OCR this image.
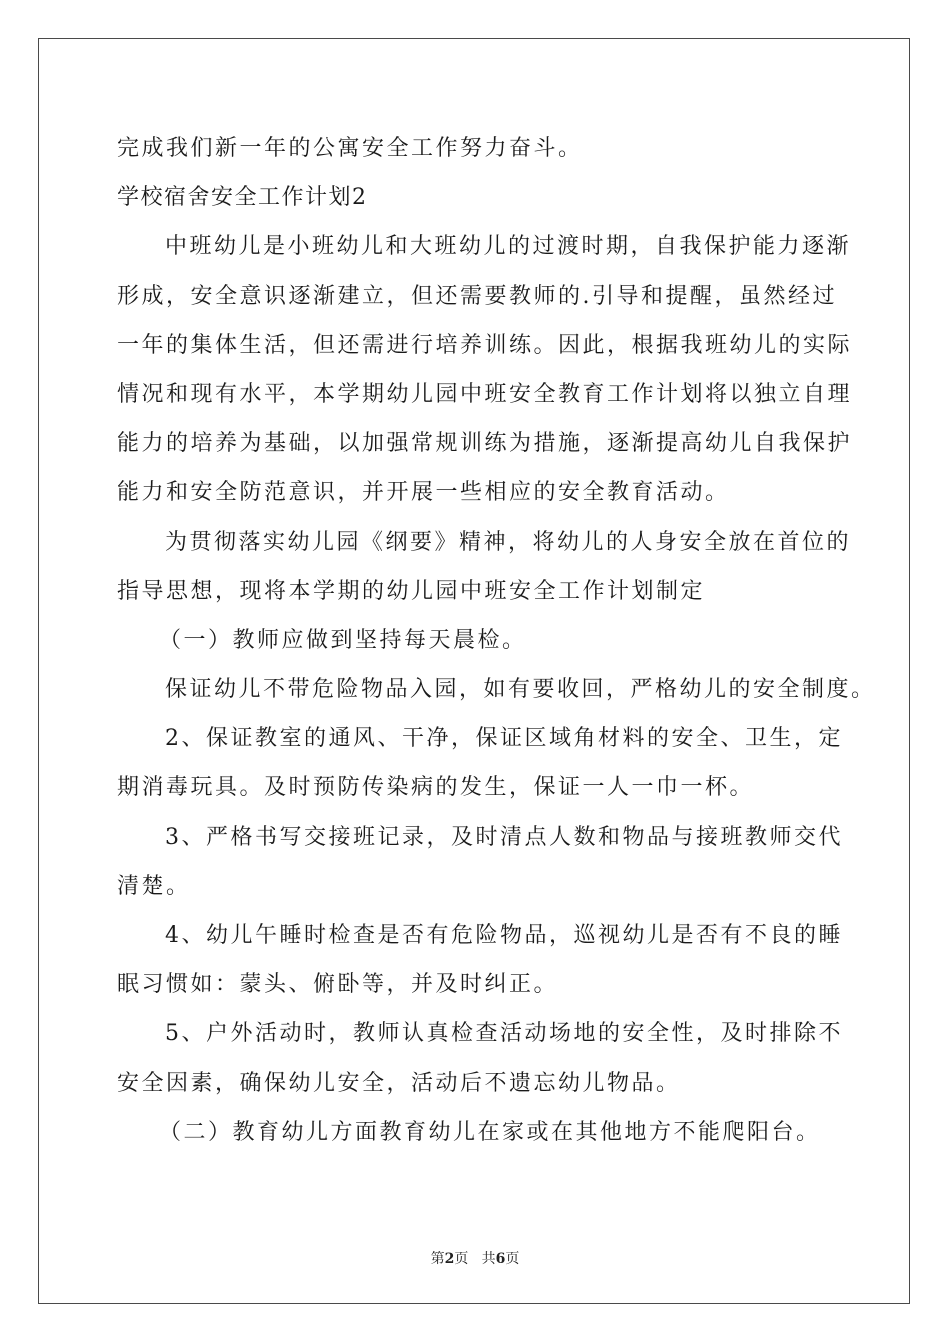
完成我们新一年的公寓安全工作努力奋斗。
学校宿舍安全工作计划2
中班幼儿是小班幼儿和大班幼儿的过渡时期，自我保护能力逐渐
形成，安全意识逐渐建立，但还需要教师的.引导和提醒，虽然经过
一年的集体生活，但还需进行培养训练。因此，根据我班幼儿的实际
情况和现有水平，本学期幼儿园中班安全教育工作计划将以独立自理
能力的培养为基础，以加强常规训练为措施，逐渐提高幼儿自我保护
能力和安全防范意识，并开展一些相应的安全教育活动。
为贯彻落实幼儿园《纲要》精神，将幼儿的人身安全放在首位的
指导思想，现将本学期的幼儿园中班安全工作计划制定
（一）教师应做到坚持每天晨检。
保证幼儿不带危险物品入园，如有要收回，严格幼儿的安全制度。
2、保证教室的通风、干净，保证区域角材料的安全、卫生，定
期消毒玩具。及时预防传染病的发生，保证一人一巾一杯。
3、严格书写交接班记录，及时清点人数和物品与接班教师交代
清楚。
4、幼儿午睡时检查是否有危险物品，巡视幼儿是否有不良的睡
眠习惯如：蒙头、俯卧等，并及时纠正。
5、户外活动时，教师认真检查活动场地的安全性，及时排除不
安全因素，确保幼儿安全，活动后不遗忘幼儿物品。
（二）教育幼儿方面教育幼儿在家或在其他地方不能爬阳台。
第2页 共6页
